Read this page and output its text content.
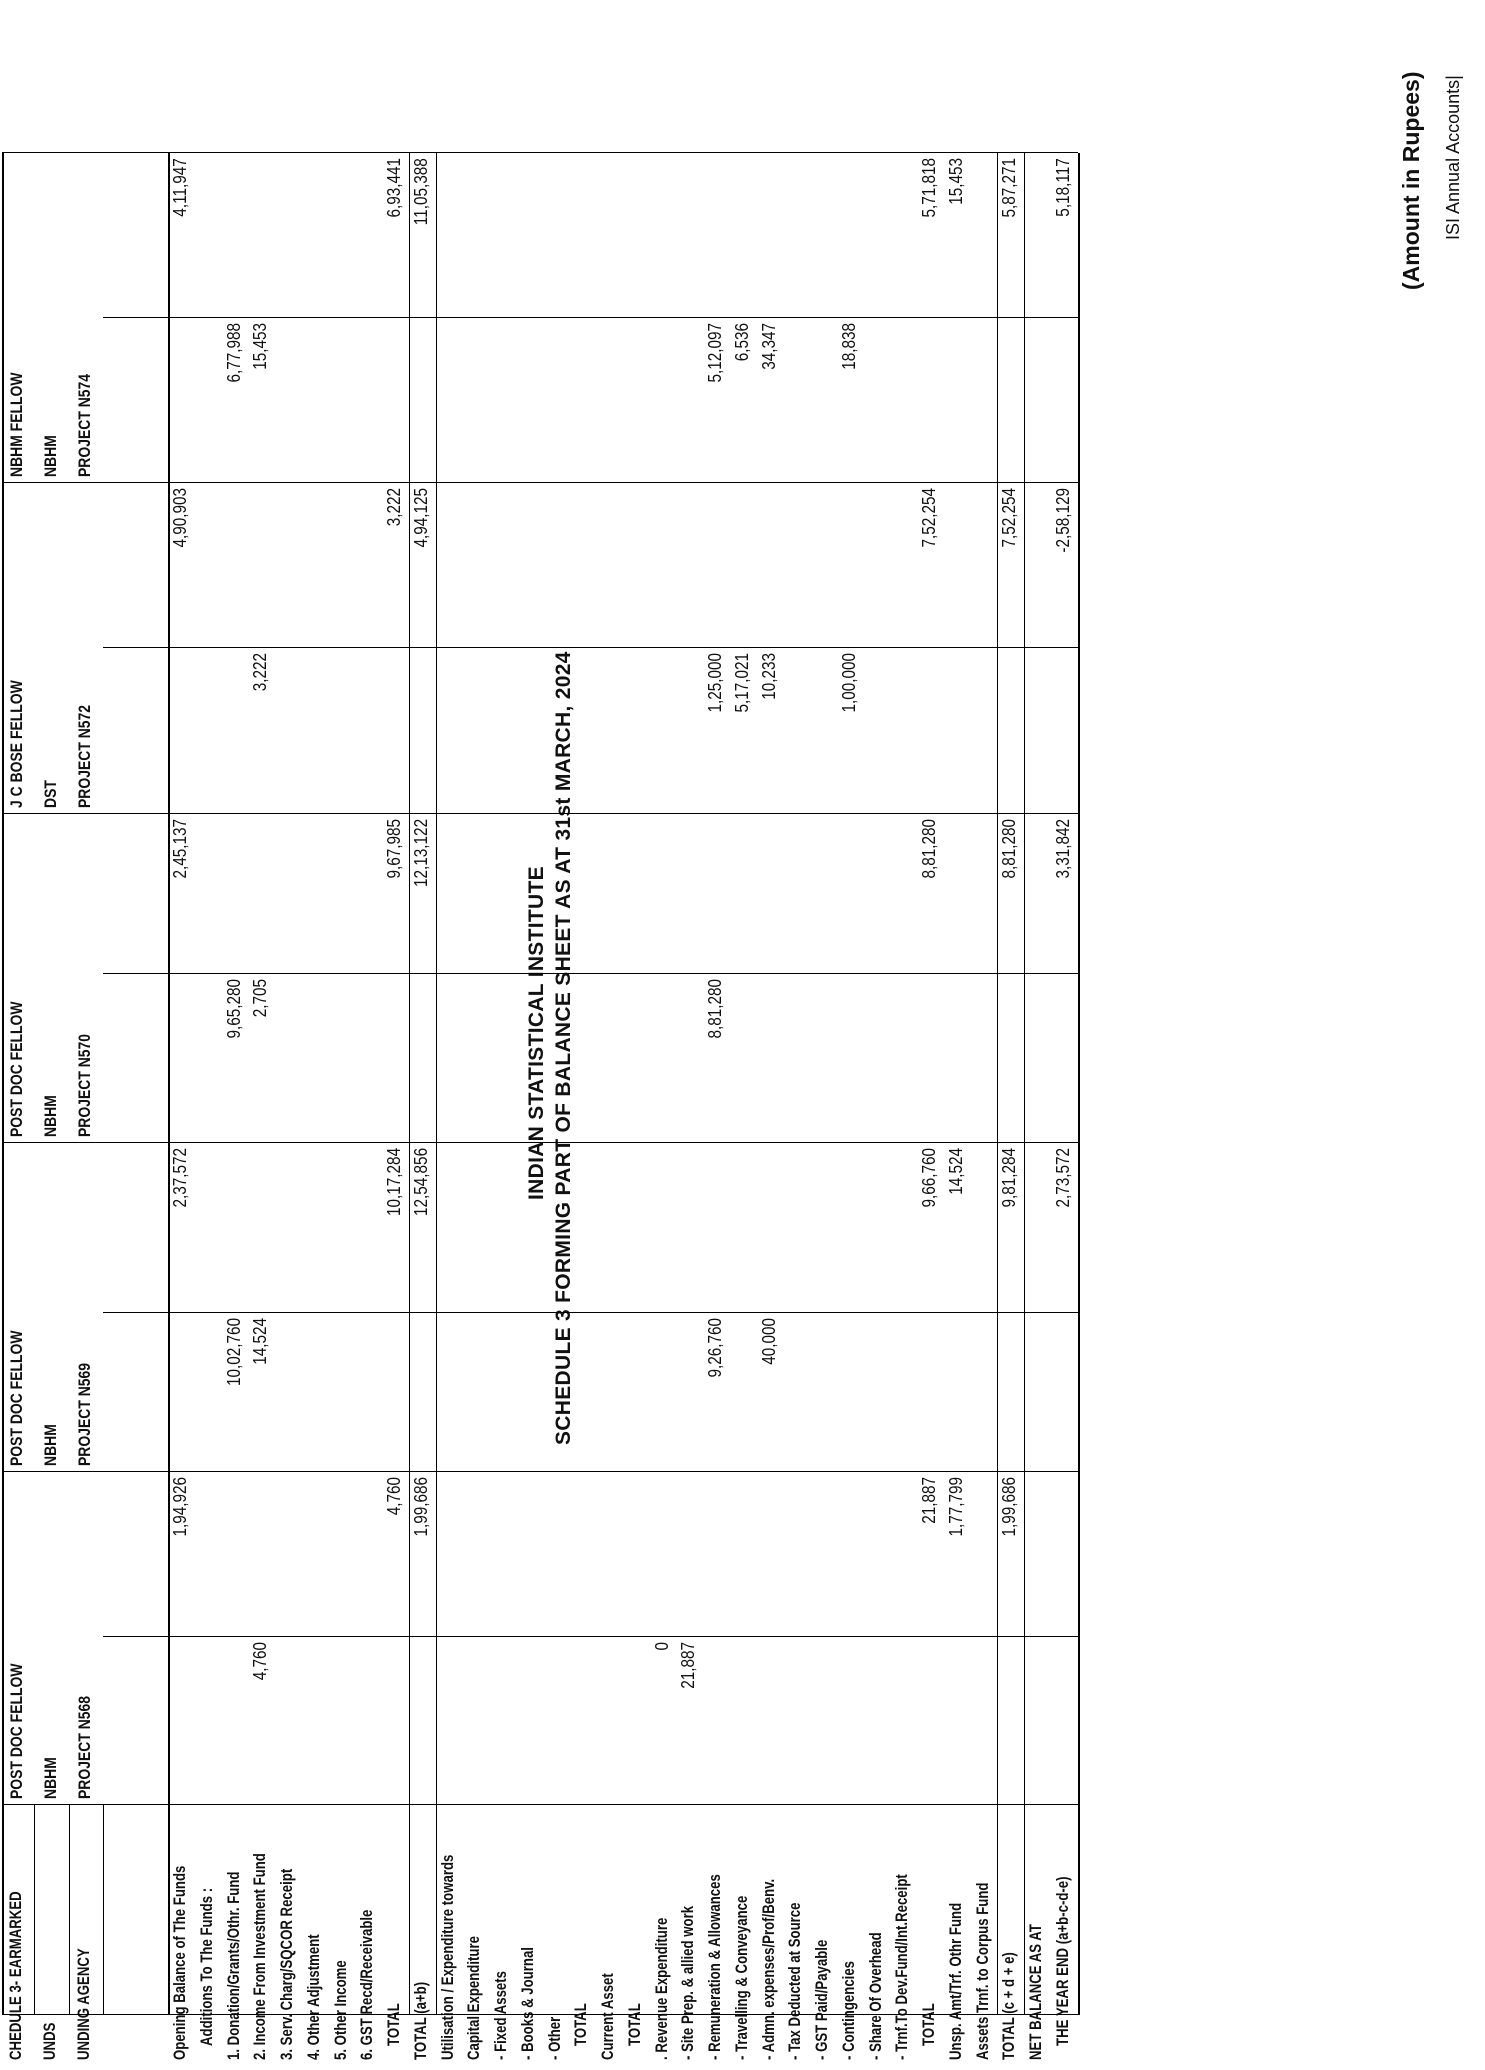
INDIAN STATISTICAL INSTITUTE SCHEDULE 3 FORMING PART OF BALANCE SHEET AS AT 31st MARCH, 2024
(Amount in Rupees) ISI Annual Accounts|
CHEDULE 3- EARMARKED UNDS UNDING AGENCY
POST DOC FELLOW NBHM PROJECT N568
POST DOC FELLOW NBHM PROJECT N569
POST DOC FELLOW NBHM PROJECT N570
J C BOSE FELLOW DST PROJECT N572
NBHM FELLOW NBHM PROJECT N574
Opening Balance of The Funds
1,94,926
2,37,572
2,45,137
4,90,903
4,11,947
Additions To The Funds : 1. Donation/Grants/Othr. Fund
10,02,760
9,65,280
6,77,988
2. Income From Investment Fund
4,760
14,524
2,705
3,222
15,453
3. Serv. Charg/SQCOR Receipt 4. Other Adjustment 5. Other Income 6. GST Recd/Receivable TOTAL
4,760
10,17,284
9,67,985
3,222
6,93,441
TOTAL (a+b)
1,99,686
12,54,856
12,13,122
4,94,125
11,05,388
Utilisation / Expenditure towards Capital Expenditure - Fixed Assets - Books & Journal - Other TOTAL Current Asset TOTAL . Revenue Expenditure
0
- Site Prep. & allied work
21,887
- Remuneration & Allowances
9,26,760
8,81,280
1,25,000
5,12,097
- Travelling & Conveyance
5,17,021
6,536
- Admn. expenses/Prof/Benv.
40,000
10,233
34,347
- Tax Deducted at Source - GST Paid/Payable - Contingencies
1,00,000
18,838
- Share Of Overhead - Trnf.To Dev.Fund/Int.Receipt TOTAL
21,887
9,66,760
8,81,280
7,52,254
5,71,818
Unsp. Amt/Trf. Othr Fund
1,77,799
14,524
15,453
Assets Trnf. to Corpus Fund TOTAL (c + d + e)
1,99,686
9,81,284
8,81,280
7,52,254
5,87,271
NET BALANCE AS AT THE YEAR END (a+b-c-d-e)
2,73,572
3,31,842
-2,58,129
5,18,117
